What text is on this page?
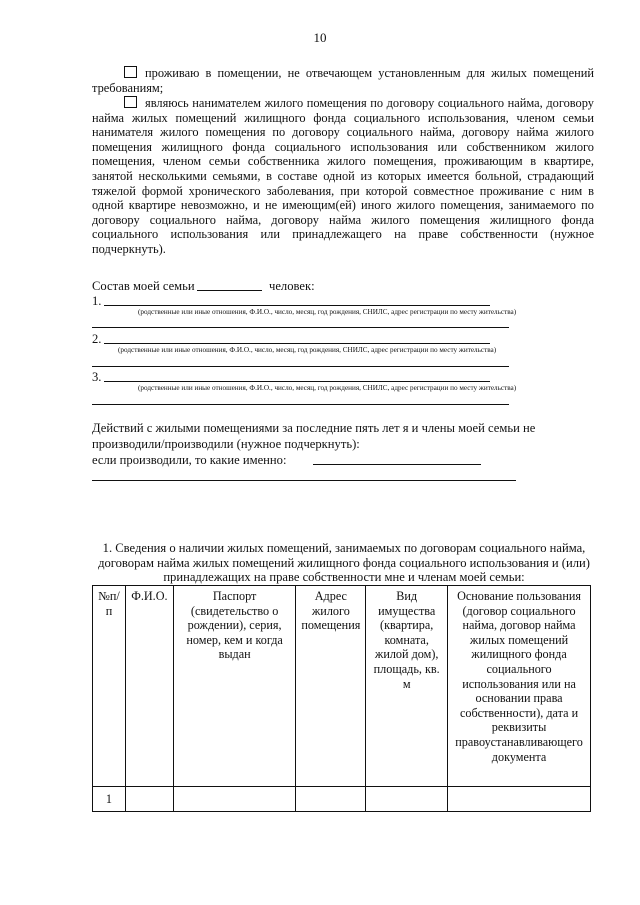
10
проживаю в помещении, не отвечающем установленным для жилых помещений требованиям;
являюсь нанимателем жилого помещения по договору социального найма, договору найма жилых помещений жилищного фонда социального использования, членом семьи нанимателя жилого помещения по договору социального найма, договору найма жилого помещения жилищного фонда социального использования или собственником жилого помещения, членом семьи собственника жилого помещения, проживающим в квартире, занятой несколькими семьями, в составе одной из которых имеется больной, страдающий тяжелой формой хронического заболевания, при которой совместное проживание с ним в одной квартире невозможно, и не имеющим(ей) иного жилого помещения, занимаемого по договору социального найма, договору найма жилого помещения жилищного фонда социального использования или принадлежащего на праве собственности (нужное подчеркнуть).
Состав моей семьи	человек:
1.
(родственные или иные отношения, Ф.И.О., число, месяц, год рождения, СНИЛС, адрес регистрации по месту жительства)
2.
(родственные или иные отношения, Ф.И.О., число, месяц, год рождения, СНИЛС, адрес регистрации по месту жительства)
3.
(родственные или иные отношения, Ф.И.О., число, месяц, год рождения, СНИЛС, адрес регистрации по месту жительства)
Действий с жилыми помещениями за последние пять лет я и члены моей семьи не
производили/производили (нужное подчеркнуть):
если производили, то какие именно:
1. Сведения о наличии жилых помещений, занимаемых по договорам социального найма, договорам найма жилых помещений жилищного фонда социального использования и (или) принадлежащих на праве собственности мне и членам моей семьи:
№п/ п	Ф.И.О.	Паспорт (свидетельство о рождении), серия, номер, кем и когда выдан	Адрес жилого помещения	Вид имущества (квартира, комната, жилой дом), площадь, кв. м	Основание пользования (договор социального найма, договор найма жилых помещений жилищного фонда социального использования или на основании права собственности), дата и реквизиты правоустанавливающего документа
1					
